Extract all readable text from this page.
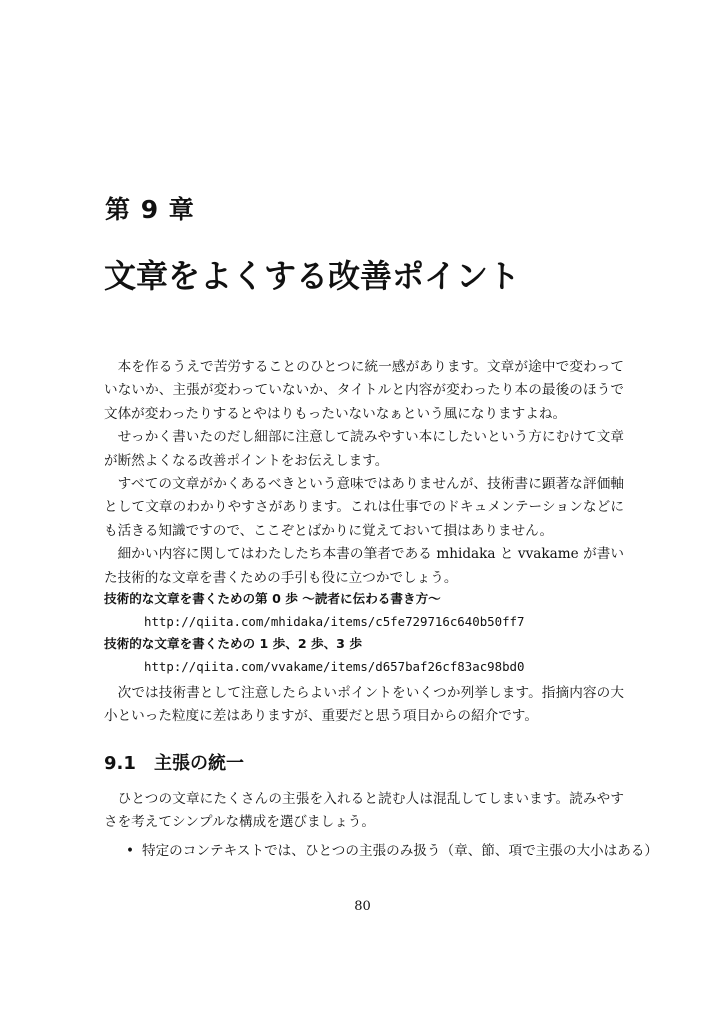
第 9 章
文章をよくする改善ポイント

本を作るうえで苦労することのひとつに統一感があります。文章が途中で変わっていないか、主張が変わっていないか、タイトルと内容が変わったり本の最後のほうで文体が変わったりするとやはりもったいないなぁという風になりますよね。

せっかく書いたのだし細部に注意して読みやすい本にしたいという方にむけて文章が断然よくなる改善ポイントをお伝えします。

すべての文章がかくあるべきという意味ではありませんが、技術書に顕著な評価軸として文章のわかりやすさがあります。これは仕事でのドキュメンテーションなどにも活きる知識ですので、ここぞとばかりに覚えておいて損はありません。

細かい内容に関してはわたしたち本書の筆者である mhidaka と vvakame が書いた技術的な文章を書くための手引も役に立つかでしょう。

技術的な文章を書くための第 0 歩 〜読者に伝わる書き方〜
http://qiita.com/mhidaka/items/c5fe729716c640b50ff7
技術的な文章を書くための 1 歩、2 歩、3 歩
http://qiita.com/vvakame/items/d657baf26cf83ac98bd0

次では技術書として注意したらよいポイントをいくつか列挙します。指摘内容の大小といった粒度に差はありますが、重要だと思う項目からの紹介です。

9.1 主張の統一

ひとつの文章にたくさんの主張を入れると読む人は混乱してしまいます。読みやすさを考えてシンプルな構成を選びましょう。

• 特定のコンテキストでは、ひとつの主張のみ扱う（章、節、項で主張の大小はある）
80
